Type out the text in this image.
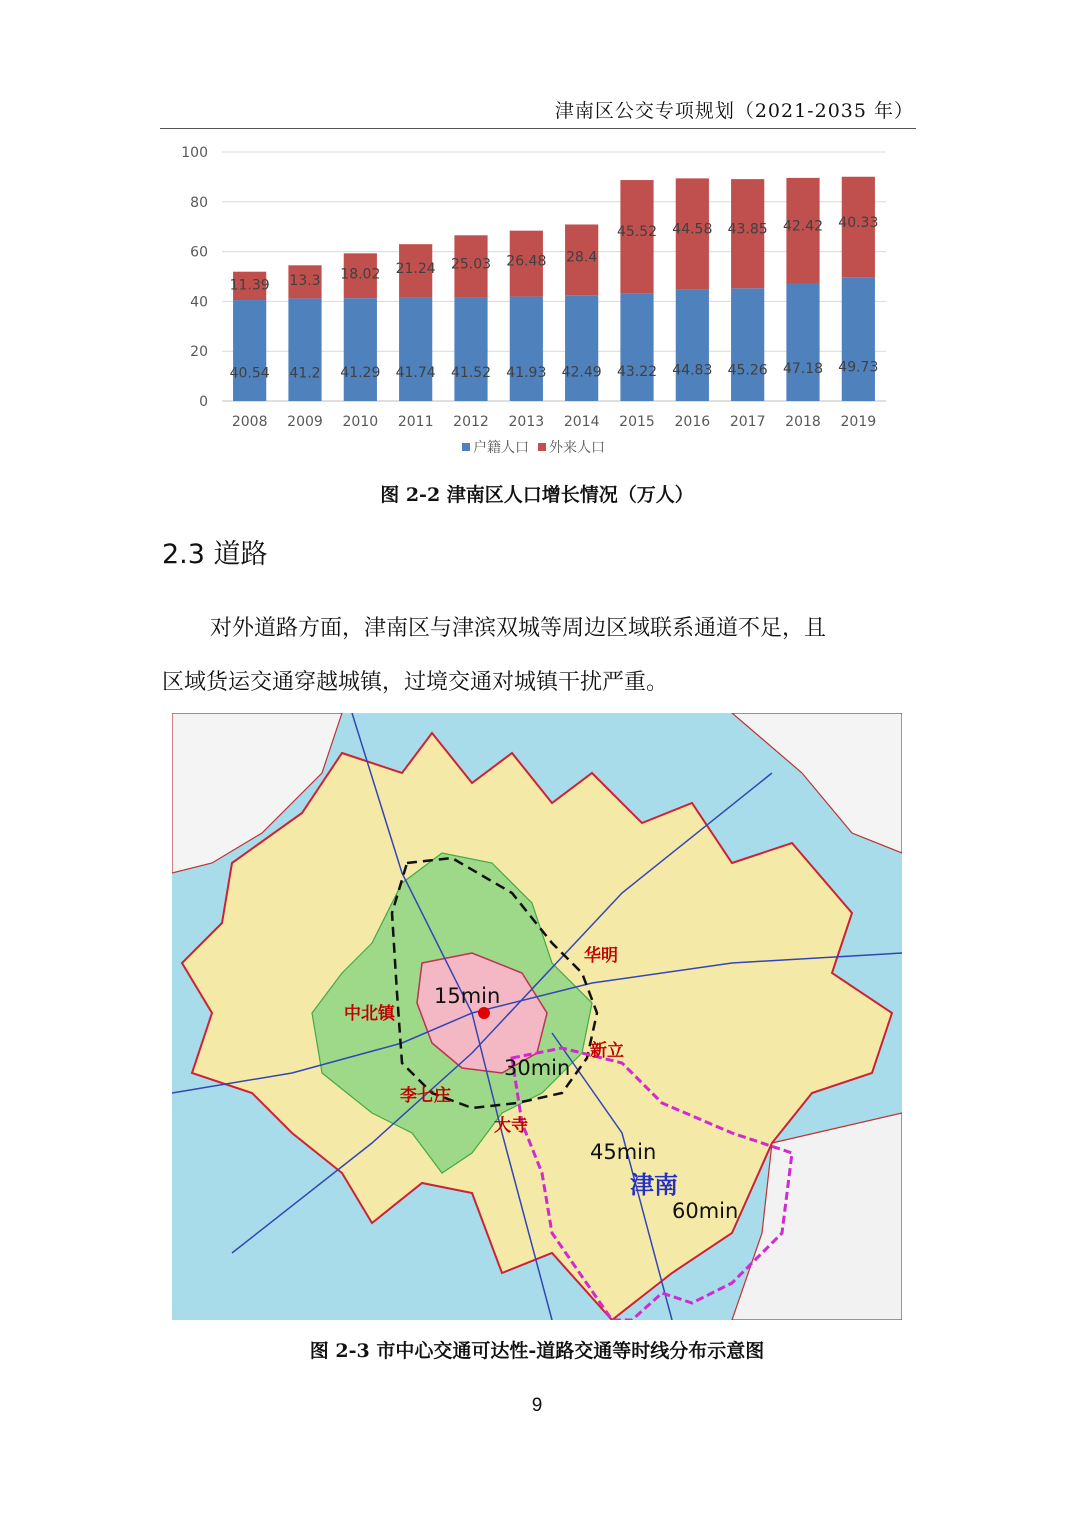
津南区公交专项规划（2021-2035 年）
0
20
40
60
80
100
40.54
11.39
41.2
13.3
41.29
18.02
41.74
21.24
41.52
25.03
41.93
26.48
42.49
28.4
43.22
45.52
44.83
44.58
45.26
43.85
47.18
42.42
49.73
40.33
2008 2009 2010 2011 2012 2013 2014 2015 2016 2017 2018 2019
户籍人口 外来人口
图 2-2 津南区人口增长情况（万人）
2.3 道路
对外道路方面，津南区与津滨双城等周边区域联系通道不足，且
区域货运交通穿越城镇，过境交通对城镇干扰严重。
华明
中北镇
新立
李七庄
大寺
津南
15min
30min
45min
60min
图 2-3 市中心交通可达性-道路交通等时线分布示意图
9
